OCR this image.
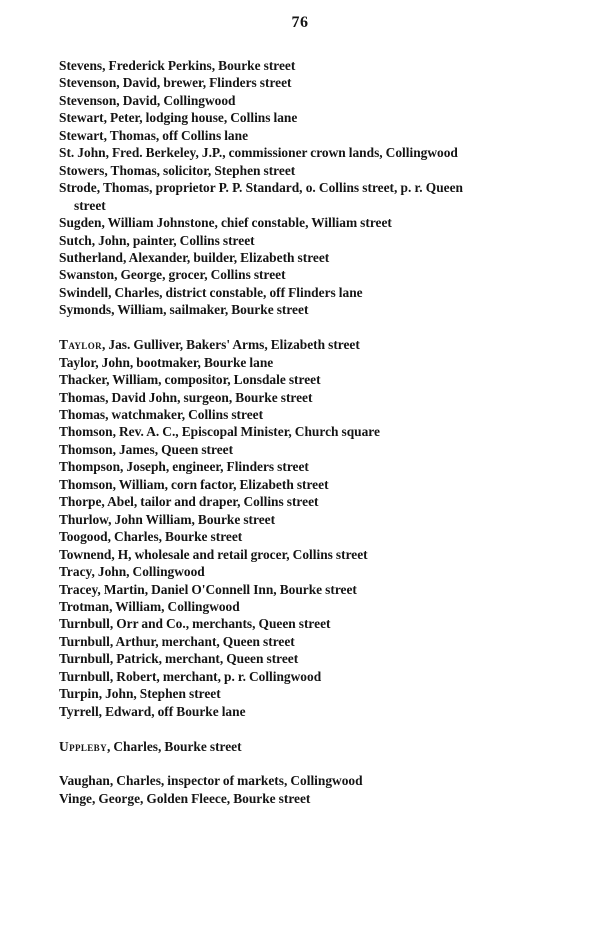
76
Stevens, Frederick Perkins, Bourke street
Stevenson, David, brewer, Flinders street
Stevenson, David, Collingwood
Stewart, Peter, lodging house, Collins lane
Stewart, Thomas, off Collins lane
St. John, Fred. Berkeley, J.P., commissioner crown lands, Collingwood
Stowers, Thomas, solicitor, Stephen street
Strode, Thomas, proprietor P. P. Standard, o. Collins street, p. r. Queen street
Sugden, William Johnstone, chief constable, William street
Sutch, John, painter, Collins street
Sutherland, Alexander, builder, Elizabeth street
Swanston, George, grocer, Collins street
Swindell, Charles, district constable, off Flinders lane
Symonds, William, sailmaker, Bourke street
Taylor, Jas. Gulliver, Bakers' Arms, Elizabeth street
Taylor, John, bootmaker, Bourke lane
Thacker, William, compositor, Lonsdale street
Thomas, David John, surgeon, Bourke street
Thomas, watchmaker, Collins street
Thomson, Rev. A. C., Episcopal Minister, Church square
Thomson, James, Queen street
Thompson, Joseph, engineer, Flinders street
Thomson, William, corn factor, Elizabeth street
Thorpe, Abel, tailor and draper, Collins street
Thurlow, John William, Bourke street
Toogood, Charles, Bourke street
Townend, H, wholesale and retail grocer, Collins street
Tracy, John, Collingwood
Tracey, Martin, Daniel O'Connell Inn, Bourke street
Trotman, William, Collingwood
Turnbull, Orr and Co., merchants, Queen street
Turnbull, Arthur, merchant, Queen street
Turnbull, Patrick, merchant, Queen street
Turnbull, Robert, merchant, p. r. Collingwood
Turpin, John, Stephen street
Tyrrell, Edward, off Bourke lane
Uppleby, Charles, Bourke street
Vaughan, Charles, inspector of markets, Collingwood
Vinge, George, Golden Fleece, Bourke street
